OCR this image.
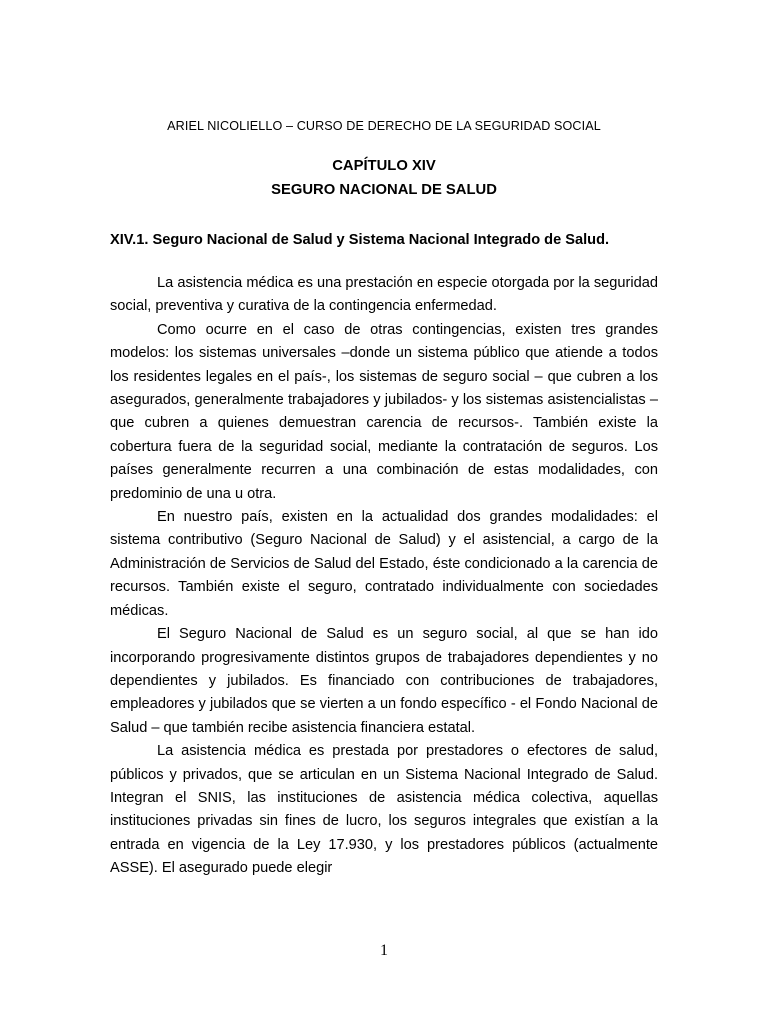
ARIEL NICOLIELLO – CURSO DE DERECHO DE LA SEGURIDAD SOCIAL
CAPÍTULO XIV
SEGURO NACIONAL DE SALUD
XIV.1. Seguro Nacional de Salud y Sistema Nacional Integrado de Salud.

La asistencia médica es una prestación en especie otorgada por la seguridad social, preventiva y curativa de la contingencia enfermedad.

Como ocurre en el caso de otras contingencias, existen tres grandes modelos: los sistemas universales –donde un sistema público que atiende a todos los residentes legales en el país-, los sistemas de seguro social – que cubren a los asegurados, generalmente trabajadores y jubilados- y los sistemas asistencialistas – que cubren a quienes demuestran carencia de recursos-. También existe la cobertura fuera de la seguridad social, mediante la contratación de seguros. Los países generalmente recurren a una combinación de estas modalidades, con predominio de una u otra.

En nuestro país, existen en la actualidad dos grandes modalidades: el sistema contributivo (Seguro Nacional de Salud) y el asistencial, a cargo de la Administración de Servicios de Salud del Estado, éste condicionado a la carencia de recursos. También existe el seguro, contratado individualmente con sociedades médicas.

El Seguro Nacional de Salud es un seguro social, al que se han ido incorporando progresivamente distintos grupos de trabajadores dependientes y no dependientes y jubilados. Es financiado con contribuciones de trabajadores, empleadores y jubilados que se vierten a un fondo específico - el Fondo Nacional de Salud – que también recibe asistencia financiera estatal.

La asistencia médica es prestada por prestadores o efectores de salud, públicos y privados, que se articulan en un Sistema Nacional Integrado de Salud. Integran el SNIS, las instituciones de asistencia médica colectiva, aquellas instituciones privadas sin fines de lucro, los seguros integrales que existían a la entrada en vigencia de la Ley 17.930, y los prestadores públicos (actualmente ASSE). El asegurado puede elegir

1
